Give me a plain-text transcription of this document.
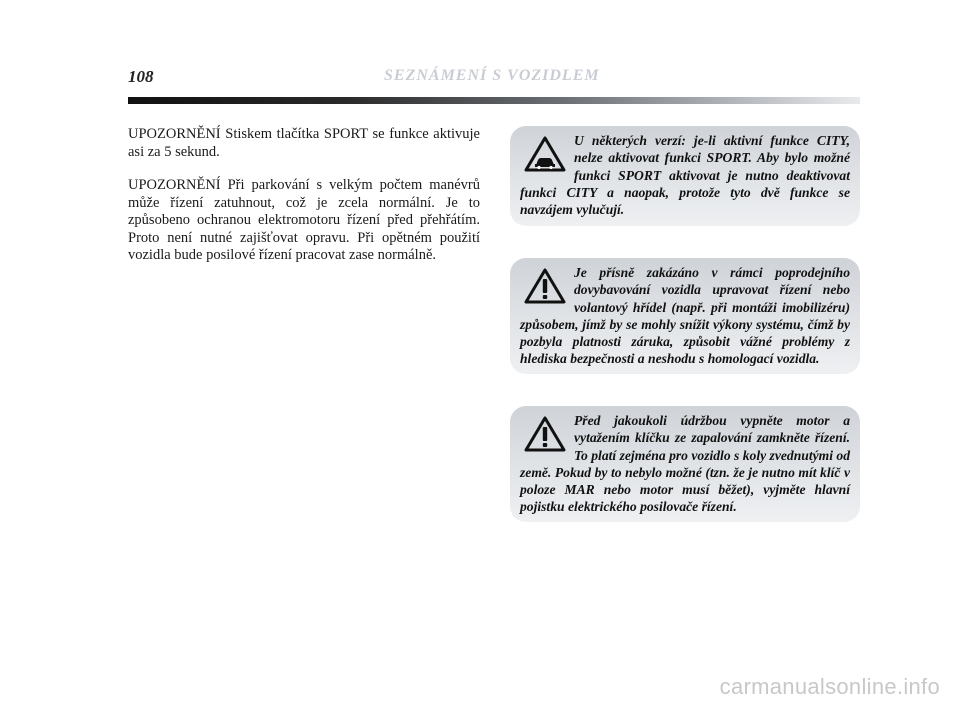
108	SEZNÁMENÍ S VOZIDLEM

UPOZORNĚNÍ Stiskem tlačítka SPORT se funkce aktivuje asi za 5 sekund.

UPOZORNĚNÍ Při parkování s velkým počtem manévrů může řízení zatuhnout, což je zcela normální. Je to způsobeno ochranou elektromotoru řízení před přehřátím. Proto není nutné zajišťovat opravu. Při opětném použití vozidla bude posilové řízení pracovat zase normálně.

U některých verzí: je-li aktivní funkce CITY, nelze aktivovat funkci SPORT. Aby bylo možné funkci SPORT aktivovat je nutno deaktivovat funkci CITY a naopak, protože tyto dvě funkce se navzájem vylučují.
Je přísně zakázáno v rámci poprodejního dovybavování vozidla upravovat řízení nebo volantový hřídel (např. při montáži imobilizéru) způsobem, jímž by se mohly snížit výkony systému, čímž by pozbyla platnosti záruka, způsobit vážné problémy z hlediska bezpečnosti a neshodu s homologací vozidla.
Před jakoukoli údržbou vypněte motor a vytažením klíčku ze zapalování zamkněte řízení. To platí zejména pro vozidlo s koly zvednutými od země. Pokud by to nebylo možné (tzn. že je nutno mít klíč v poloze MAR nebo motor musí běžet), vyjměte hlavní pojistku elektrického posilovače řízení.
carmanualsonline.info
